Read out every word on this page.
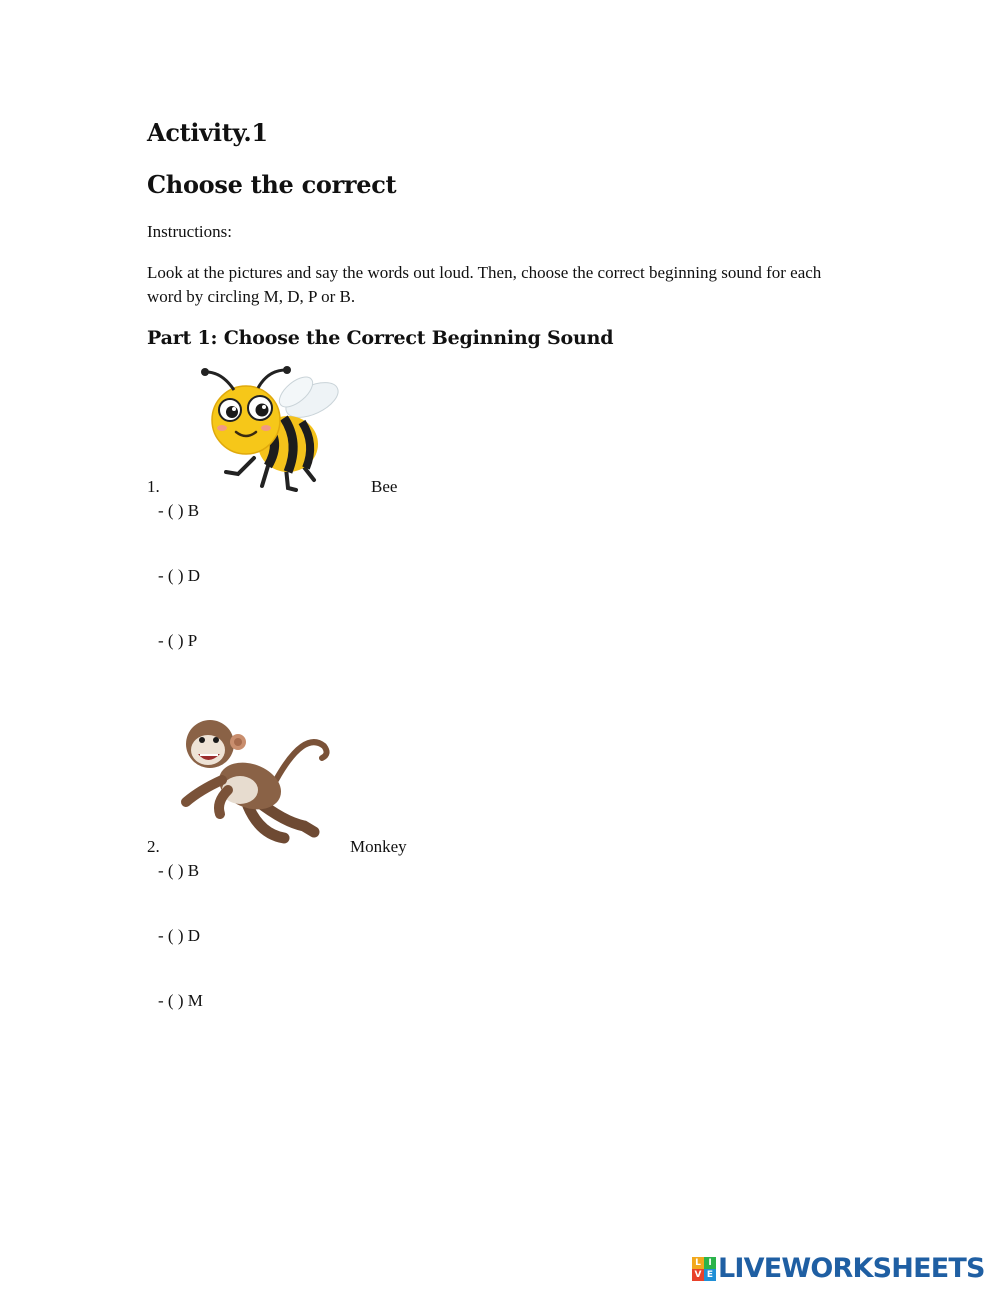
Activity.1
Choose the correct
Instructions:
Look at the pictures and say the words out loud. Then, choose the correct beginning sound for each word by circling M, D, P or B.
Part 1: Choose the Correct Beginning Sound
1.	Bee
- ( ) B
- ( ) D
- ( ) P
2.	Monkey
- ( ) B
- ( ) D
- ( ) M
L I
V E LIVEWORKSHEETS
